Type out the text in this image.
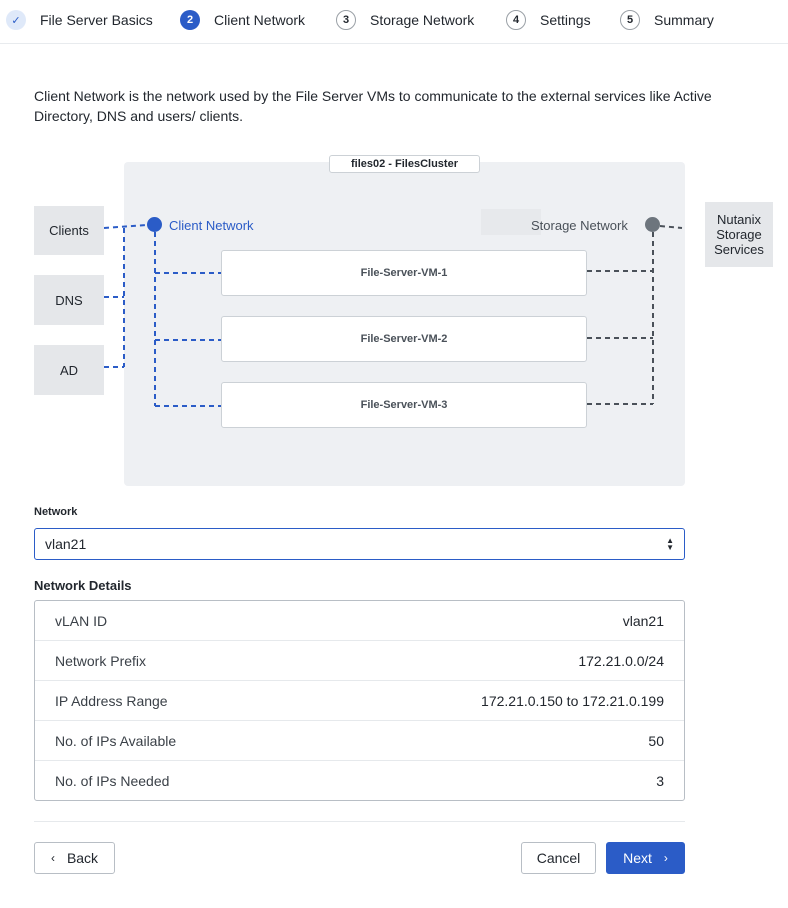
✓	File Server Basics	2	Client Network	3	Storage Network	4	Settings	5	Summary

Client Network is the network used by the File Server VMs to communicate to the external services like Active Directory, DNS and users/ clients.

files02 - FilesCluster
Clients
DNS
AD
Nutanix Storage Services
Client Network	Storage Network
File-Server-VM-1
File-Server-VM-2
File-Server-VM-3
Network
vlan21	▲
▼
Network Details
vLAN ID	vlan21
Network Prefix	172.21.0.0/24
IP Address Range	172.21.0.150 to 172.21.0.199
No. of IPs Available	50
No. of IPs Needed	3
‹ Back	Cancel	Next ›
